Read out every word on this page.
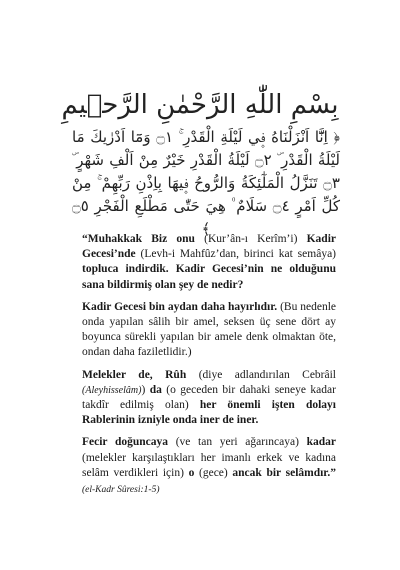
بِسْمِ اللّٰهِ الرَّحْمٰنِ الرَّح۪يمِ
﴿ اِنَّٓا اَنْزَلْنَاهُ ف۪ي لَيْلَةِ الْقَدْرِ ۚ ۝١ وَمَٓا اَدْرٰيكَ مَا لَيْلَةُ الْقَدْرِ ۜ ۝٢ لَيْلَةُ الْقَدْرِ خَيْرٌ مِنْ اَلْفِ شَهْرٍ ۜ ۝٣ تَنَزَّلُ الْمَلٰٓئِكَةُ وَالرُّوحُ ف۪يهَا بِاِذْنِ رَبِّهِمْ ۚ مِنْ كُلِّ اَمْرٍ ۝٤ سَلَامٌ ۠ هِيَ حَتّٰى مَطْلَعِ الْفَجْرِ ۝٥ ﴾

“Muhakkak Biz onu (Kur’ân-ı Kerîm’i) Kadir Gecesi’nde (Levh-i Mahfûz’dan, birinci kat semâya) topluca indirdik. Kadir Gecesi’nin ne olduğunu sana bildirmiş olan şey de nedir?

Kadir Gecesi bin aydan daha hayırlıdır. (Bu nedenle onda yapılan sâlih bir amel, seksen üç sene dört ay boyunca sürekli yapılan bir amele denk olmaktan öte, ondan daha faziletlidir.)

Melekler de, Rûh (diye adlandırılan Cebrâil (Aleyhisselâm)) da (o geceden bir dahaki seneye kadar takdîr edilmiş olan) her önemli işten dolayı Rablerinin izniyle onda iner de iner.

Fecir doğuncaya (ve tan yeri ağarıncaya) kadar (melekler karşılaştıkları her imanlı erkek ve kadına selâm verdikleri için) o (gece) ancak bir selâmdır.” (el-Kadr Sûresi:1-5)
